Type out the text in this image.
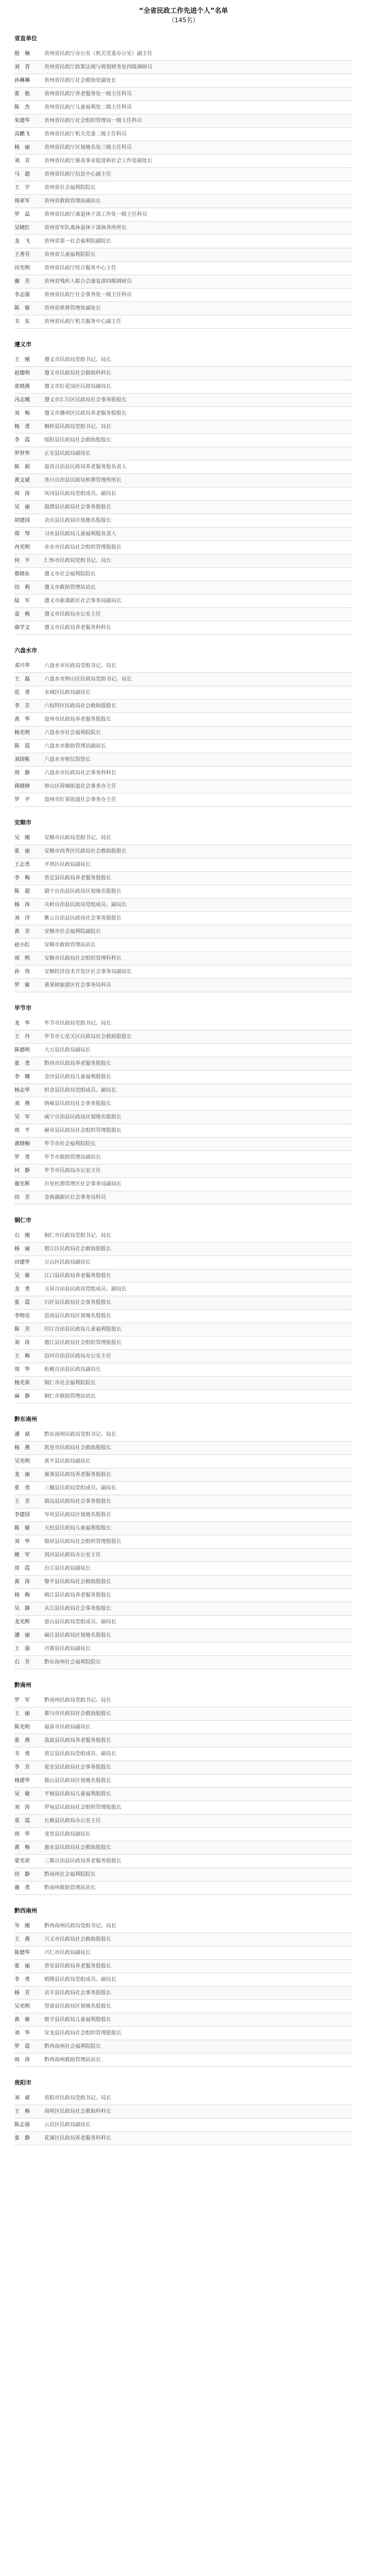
“全省民政工作先进个人”名单
（145名）
省直单位
殷　楠	贵州省民政厅办公室（机关党委办公室）副主任
刘　青	贵州省民政厅政策法规与规划财务处四级调研员
孙琳琳	贵州省民政厅社会救助处副处长
张　艳	贵州省民政厅养老服务处一级主任科员
陈　杰	贵州省民政厅儿童福利处二级主任科员
朱建华	贵州省民政厅社会组织管理局一级主任科员
高鹏飞	贵州省民政厅机关党委二级主任科员
杨　丽	贵州省民政厅区划地名处三级主任科员
刘　芳	贵州省民政厅慈善事业促进和社会工作处副处长
马　超	贵州省民政厅信息中心副主任
王　宇	贵州省社会福利院院长
周亚军	贵州省救助管理站副站长
罗　晶	贵州省民政厅离退休干部工作处一级主任科员
吴晓红	贵州省军队离休退休干部休养所所长
龙　飞	贵州省第一社会福利院副院长
王秀芬	贵州省儿童福利院院长
田光明	贵州省民政厅综合服务中心主任
谢　芳	贵州省残疾人联合会康复部四级调研员
李志强	贵州省民政厅社会事务处一级主任科员
陈　敏	贵州省殡葬管理处副处长
韦　东	贵州省民政厅机关服务中心副主任
遵义市
王　刚	遵义市民政局党组书记、局长
赵德明	遵义市民政局社会救助科科长
张晓燕	遵义市红花岗区民政局副局长
冯志刚	遵义市汇川区民政局社会事务股股长
刘　梅	遵义市播州区民政局养老服务股股长
杨　勇	桐梓县民政局党组书记、局长
李　霞	绥阳县民政局社会救助股股长
罗世华	正安县民政局副局长
陈　娟	道真自治县民政局养老服务股负责人
黄文斌	务川自治县民政局殡葬管理所所长
周　涛	凤冈县民政局党组成员、副局长
吴　丽	湄潭县民政局社会事务股股长
胡建国	余庆县民政局区划地名股股长
郑　琴	习水县民政局儿童福利股负责人
冉光明	赤水市民政局社会组织管理股股长
何　平	仁怀市民政局党组书记、局长
蔡晓东	遵义市社会福利院院长
田　莉	遵义市救助管理站站长
陆　军	遵义市新蒲新区社会事务局副局长
袁　梅	遵义市民政局办公室主任
骆学文	遵义市民政局养老服务科科长
六盘水市
邓兴华	六盘水市民政局党组书记、局长
王　磊	六盘水市钟山区民政局党组书记、局长
范　勇	水城区民政局副局长
李　芳	六枝特区民政局社会救助股股长
黄　华	盘州市民政局养老服务股股长
杨光明	六盘水市社会福利院院长
陈　霞	六盘水市救助管理站副站长
刘国栋	六盘水市殡仪馆馆长
周　静	六盘水市民政局社会事务科科长
蒋晓林	钟山区荷城街道社会事务办主任
罗　平	盘州市红果街道社会事务办主任
安顺市
吴　刚	安顺市民政局党组书记、局长
张　丽	安顺市西秀区民政局社会救助股股长
王志勇	平坝区民政局副局长
李　梅	普定县民政局养老服务股股长
陈　超	镇宁自治县民政局区划地名股股长
杨　涛	关岭自治县民政局党组成员、副局长
刘　洋	紫云自治县民政局社会事务股股长
黄　芳	安顺市社会福利院副院长
赵小红	安顺市救助管理站站长
周　明	安顺市民政局社会组织管理科科长
孙　伟	安顺经济技术开发区社会事务局副局长
罗　敏	黄果树旅游区社会事务局科员
毕节市
龙　华	毕节市民政局党组书记、局长
王　丹	毕节市七星关区民政局社会救助股股长
陈德明	大方县民政局副局长
张　勇	黔西市民政局养老服务股股长
李　娜	金沙县民政局儿童福利股股长
杨志华	织金县民政局党组成员、副局长
刘　燕	纳雍县民政局社会事务股股长
吴　军	威宁自治县民政局区划地名股股长
周　平	赫章县民政局社会组织管理股股长
黄晓梅	毕节市社会福利院院长
罗　勇	毕节市救助管理站副站长
何　静	毕节市民政局办公室主任
谢光辉	百里杜鹃管理区社会事务局副局长
田　芳	金海湖新区社会事务局科员
铜仁市
石　刚	铜仁市民政局党组书记、局长
杨　丽	碧江区民政局社会救助股股长
田建华	万山区民政局副局长
吴　敏	江口县民政局养老服务股股长
龙　勇	玉屏自治县民政局党组成员、副局长
张　霞	石阡县民政局社会事务股股长
李明亮	思南县民政局区划地名股股长
陈　芳	印江自治县民政局儿童福利股股长
刘　涛	德江县民政局社会组织管理股股长
王　梅	沿河自治县民政局办公室主任
周　华	松桃自治县民政局副局长
杨光荣	铜仁市社会福利院院长
麻　静	铜仁市救助管理站站长
黔东南州
潘　斌	黔东南州民政局党组书记、局长
杨　燕	凯里市民政局社会救助股股长
吴光明	黄平县民政局副局长
龙　丽	施秉县民政局养老服务股股长
张　勇	三穗县民政局党组成员、副局长
王　芳	镇远县民政局社会事务股股长
李建国	岑巩县民政局区划地名股股长
陈　敏	天柱县民政局儿童福利股股长
刘　华	锦屏县民政局社会组织管理股股长
姚　军	剑河县民政局办公室主任
周　霞	台江县民政局副局长
黄　涛	黎平县民政局社会救助股股长
杨　梅	榕江县民政局养老服务股股长
吴　静	从江县民政局社会事务股股长
龙光辉	雷山县民政局党组成员、副局长
潘　丽	麻江县民政局区划地名股股长
王　强	丹寨县民政局副局长
石　芳	黔东南州社会福利院院长
黔南州
罗　军	黔南州民政局党组书记、局长
王　丽	都匀市民政局社会救助股股长
陈光明	福泉市民政局副局长
张　燕	荔波县民政局养老服务股股长
韦　勇	贵定县民政局党组成员、副局长
李　芳	瓮安县民政局社会事务股股长
杨建华	独山县民政局区划地名股股长
吴　敏	平塘县民政局儿童福利股股长
刘　涛	罗甸县民政局社会组织管理股股长
莫　霞	长顺县民政局办公室主任
周　华	龙里县民政局副局长
黄　梅	惠水县民政局社会救助股股长
蒙光荣	三都自治县民政局养老服务股股长
田　静	黔南州社会福利院院长
谢　勇	黔南州救助管理站站长
黔西南州
岑　刚	黔西南州民政局党组书记、局长
王　燕	兴义市民政局社会救助股股长
陈德华	兴仁市民政局副局长
张　丽	普安县民政局养老服务股股长
李　勇	晴隆县民政局党组成员、副局长
杨　芳	贞丰县民政局社会事务股股长
吴光明	望谟县民政局区划地名股股长
黄　敏	册亨县民政局儿童福利股股长
刘　华	安龙县民政局社会组织管理股股长
罗　霞	黔西南州社会福利院院长
周　涛	黔西南州救助管理站站长
贵阳市
刘　斌	贵阳市民政局党组书记、局长
王　梅	南明区民政局社会救助科科长
陈志强	云岩区民政局副局长
张　静	花溪区民政局养老服务科科长
